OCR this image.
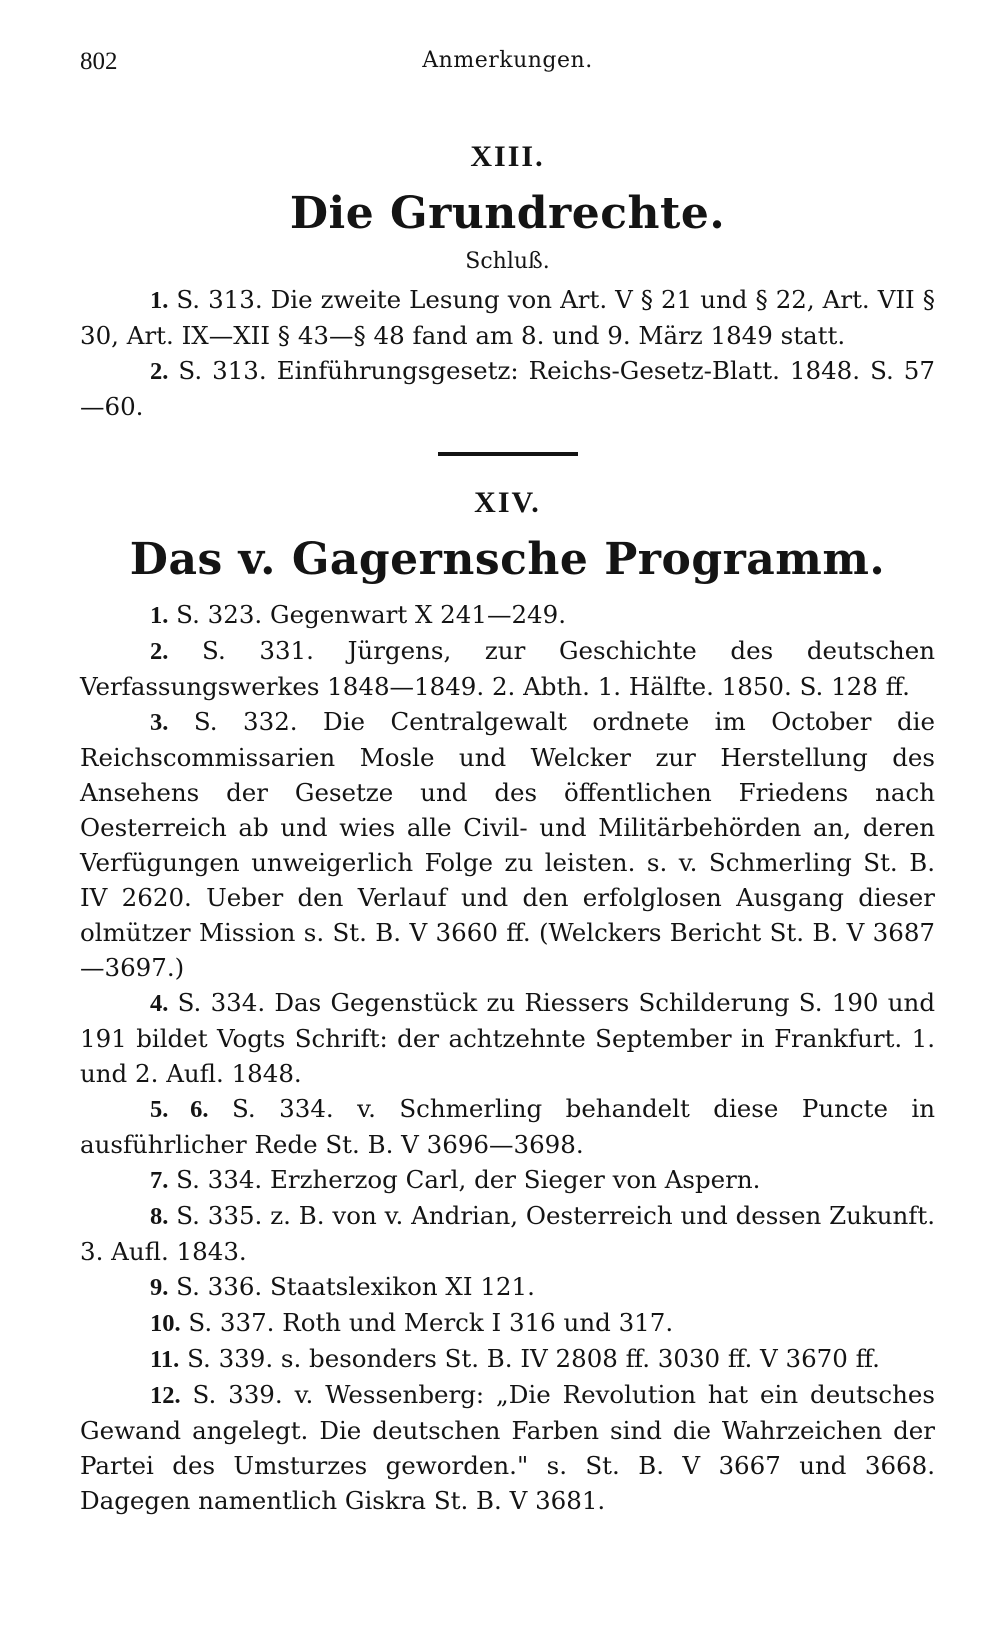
802	Anmerkungen.
XIII.
Die Grundrechte.
Schluß.

1. S. 313. Die zweite Lesung von Art. V § 21 und § 22, Art. VII § 30, Art. IX—XII § 43—§ 48 fand am 8. und 9. März 1849 statt.

2. S. 313. Einführungsgesetz: Reichs-Gesetz-Blatt. 1848. S. 57—60.

XIV.
Das v. Gagernsche Programm.

1. S. 323. Gegenwart X 241—249.

2. S. 331. Jürgens, zur Geschichte des deutschen Verfassungswerkes 1848—1849. 2. Abth. 1. Hälfte. 1850. S. 128 ff.

3. S. 332. Die Centralgewalt ordnete im October die Reichscommissarien Mosle und Welcker zur Herstellung des Ansehens der Gesetze und des öffentlichen Friedens nach Oesterreich ab und wies alle Civil- und Militärbehörden an, deren Verfügungen unweigerlich Folge zu leisten. s. v. Schmerling St. B. IV 2620. Ueber den Verlauf und den erfolglosen Ausgang dieser olmützer Mission s. St. B. V 3660 ff. (Welckers Bericht St. B. V 3687—3697.)

4. S. 334. Das Gegenstück zu Riessers Schilderung S. 190 und 191 bildet Vogts Schrift: der achtzehnte September in Frankfurt. 1. und 2. Aufl. 1848.

5. 6. S. 334. v. Schmerling behandelt diese Puncte in ausführlicher Rede St. B. V 3696—3698.

7. S. 334. Erzherzog Carl, der Sieger von Aspern.

8. S. 335. z. B. von v. Andrian, Oesterreich und dessen Zukunft. 3. Aufl. 1843.

9. S. 336. Staatslexikon XI 121.

10. S. 337. Roth und Merck I 316 und 317.

11. S. 339. s. besonders St. B. IV 2808 ff. 3030 ff. V 3670 ff.

12. S. 339. v. Wessenberg: „Die Revolution hat ein deutsches Gewand angelegt. Die deutschen Farben sind die Wahrzeichen der Partei des Umsturzes geworden." s. St. B. V 3667 und 3668. Dagegen namentlich Giskra St. B. V 3681.
